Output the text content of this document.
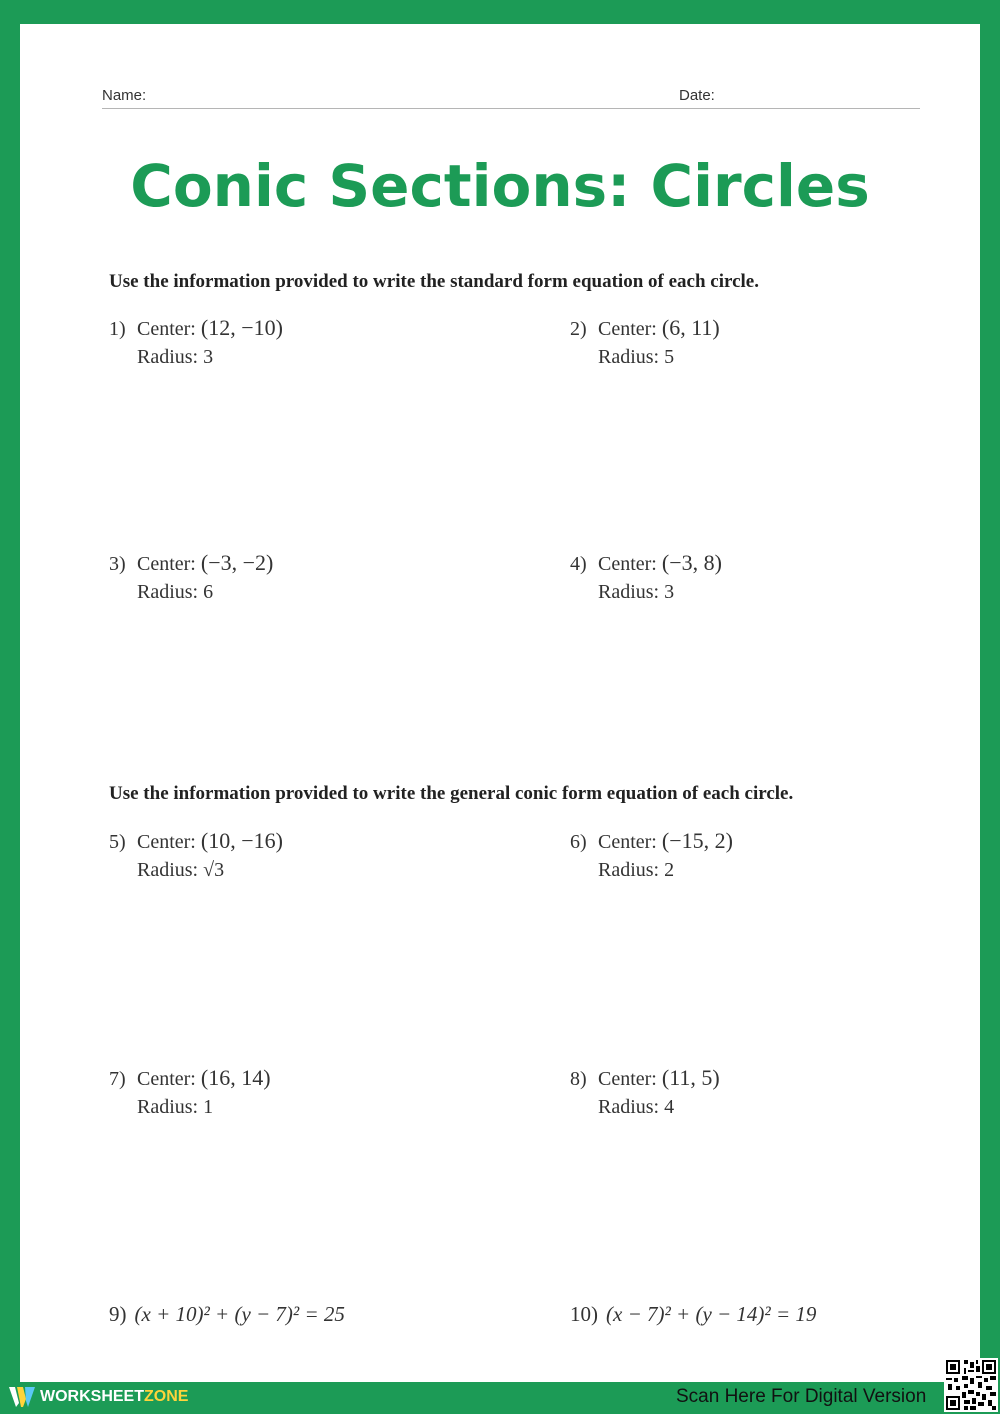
Name:	Date:
Conic Sections: Circles
Use the information provided to write the standard form equation of each circle.
1) Center: (12, −10)
Radius: 3
2) Center: (6, 11)
Radius: 5
3) Center: (−3, −2)
Radius: 6
4) Center: (−3, 8)
Radius: 3
Use the information provided to write the general conic form equation of each circle.
5) Center: (10, −16)
Radius: √3
6) Center: (−15, 2)
Radius: 2
7) Center: (16, 14)
Radius: 1
8) Center: (11, 5)
Radius: 4
9) (x + 10)² + (y − 7)² = 25	10) (x − 7)² + (y − 14)² = 19
WORKSHEET ZONE	Scan Here For Digital Version
